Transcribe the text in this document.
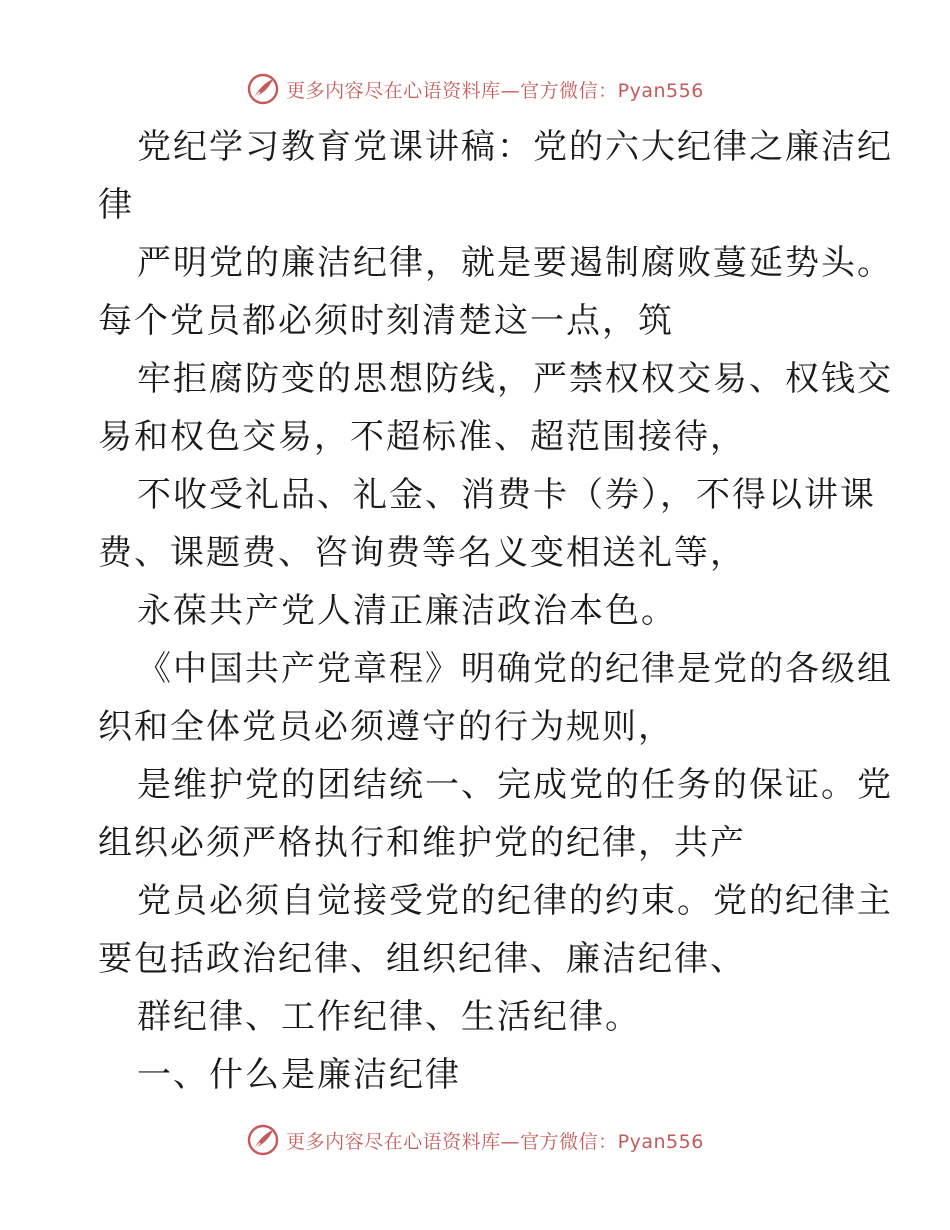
更多内容尽在心语资料库—官方微信：Pyan556
党纪学习教育党课讲稿：党的六大纪律之廉洁纪
律
严明党的廉洁纪律，就是要遏制腐败蔓延势头。
每个党员都必须时刻清楚这一点，筑
牢拒腐防变的思想防线，严禁权权交易、权钱交
易和权色交易，不超标准、超范围接待，
不收受礼品、礼金、消费卡（券），不得以讲课
费、课题费、咨询费等名义变相送礼等，
永葆共产党人清正廉洁政治本色。
《中国共产党章程》明确党的纪律是党的各级组
织和全体党员必须遵守的行为规则，
是维护党的团结统一、完成党的任务的保证。党
组织必须严格执行和维护党的纪律，共产
党员必须自觉接受党的纪律的约束。党的纪律主
要包括政治纪律、组织纪律、廉洁纪律、
群纪律、工作纪律、生活纪律。
一、什么是廉洁纪律
更多内容尽在心语资料库—官方微信：Pyan556
